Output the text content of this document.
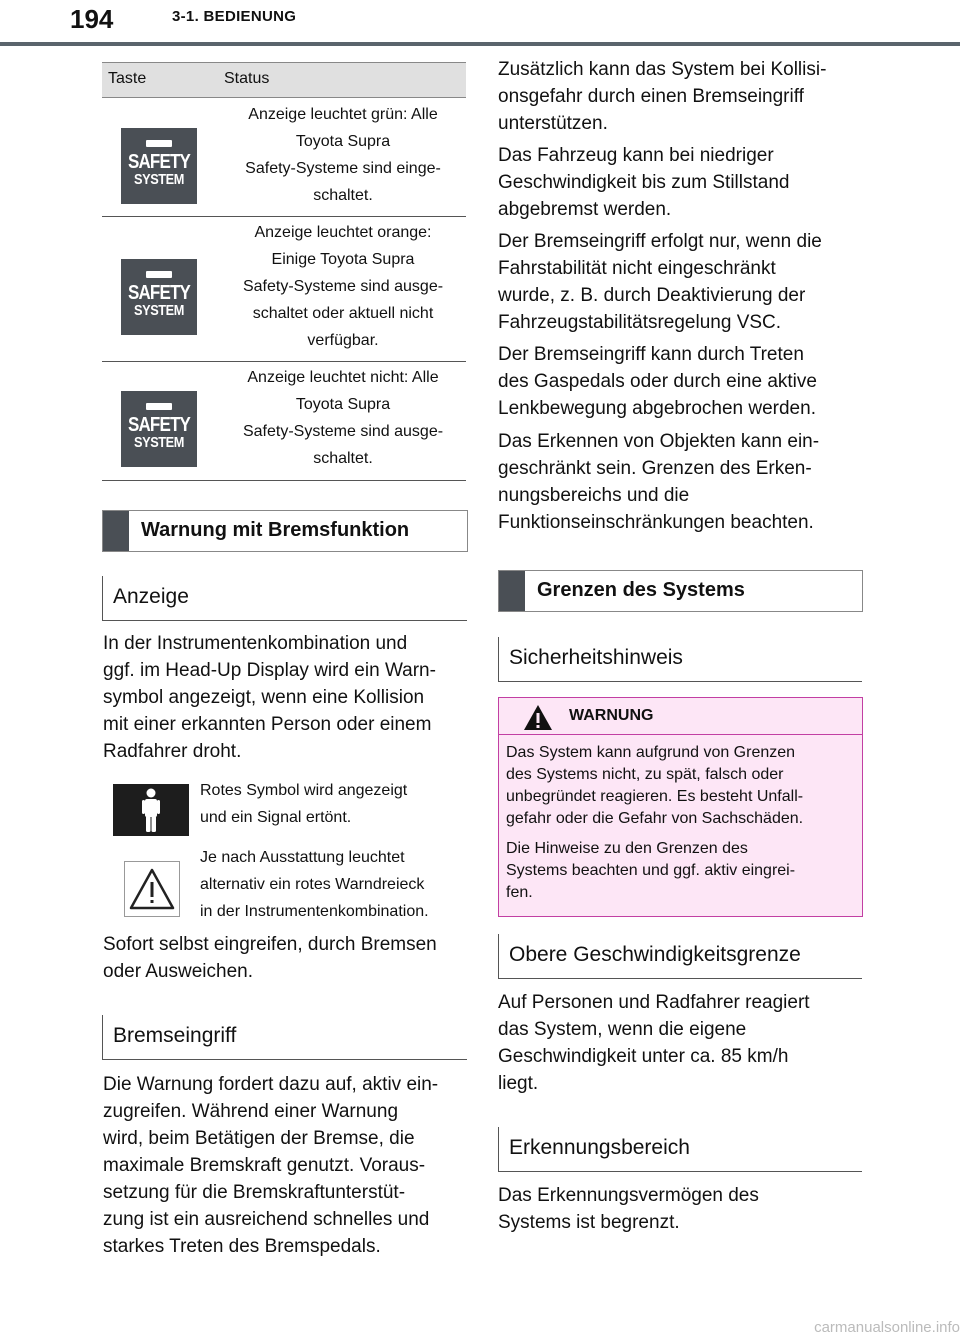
194	3-1. BEDIENUNG
Taste	Status
SAFETY
SYSTEM
Anzeige leuchtet grün: Alle
Toyota Supra
Safety-Systeme sind einge-
schaltet.
SAFETY
SYSTEM
Anzeige leuchtet orange:
Einige Toyota Supra
Safety-Systeme sind ausge-
schaltet oder aktuell nicht
verfügbar.
SAFETY
SYSTEM
Anzeige leuchtet nicht: Alle
Toyota Supra
Safety-Systeme sind ausge-
schaltet.
Warnung mit Bremsfunktion
Anzeige
In der Instrumentenkombination und
ggf. im Head-Up Display wird ein Warn-
symbol angezeigt, wenn eine Kollision
mit einer erkannten Person oder einem
Radfahrer droht.
Rotes Symbol wird angezeigt
und ein Signal ertönt.
Je nach Ausstattung leuchtet
alternativ ein rotes Warndreieck
in der Instrumentenkombination.
Sofort selbst eingreifen, durch Bremsen
oder Ausweichen.
Bremseingriff
Die Warnung fordert dazu auf, aktiv ein-
zugreifen. Während einer Warnung
wird, beim Betätigen der Bremse, die
maximale Bremskraft genutzt. Voraus-
setzung für die Bremskraftunterstüt-
zung ist ein ausreichend schnelles und
starkes Treten des Bremspedals.
Zusätzlich kann das System bei Kollisi-
onsgefahr durch einen Bremseingriff
unterstützen.
Das Fahrzeug kann bei niedriger
Geschwindigkeit bis zum Stillstand
abgebremst werden.
Der Bremseingriff erfolgt nur, wenn die
Fahrstabilität nicht eingeschränkt
wurde, z. B. durch Deaktivierung der
Fahrzeugstabilitätsregelung VSC.
Der Bremseingriff kann durch Treten
des Gaspedals oder durch eine aktive
Lenkbewegung abgebrochen werden.
Das Erkennen von Objekten kann ein-
geschränkt sein. Grenzen des Erken-
nungsbereichs und die
Funktionseinschränkungen beachten.
Grenzen des Systems
Sicherheitshinweis
WARNUNG
Das System kann aufgrund von Grenzen
des Systems nicht, zu spät, falsch oder
unbegründet reagieren. Es besteht Unfall-
gefahr oder die Gefahr von Sachschäden.
Die Hinweise zu den Grenzen des
Systems beachten und ggf. aktiv eingrei-
fen.
Obere Geschwindigkeitsgrenze
Auf Personen und Radfahrer reagiert
das System, wenn die eigene
Geschwindigkeit unter ca. 85 km/h
liegt.
Erkennungsbereich
Das Erkennungsvermögen des
Systems ist begrenzt.
carmanualsonline.info
